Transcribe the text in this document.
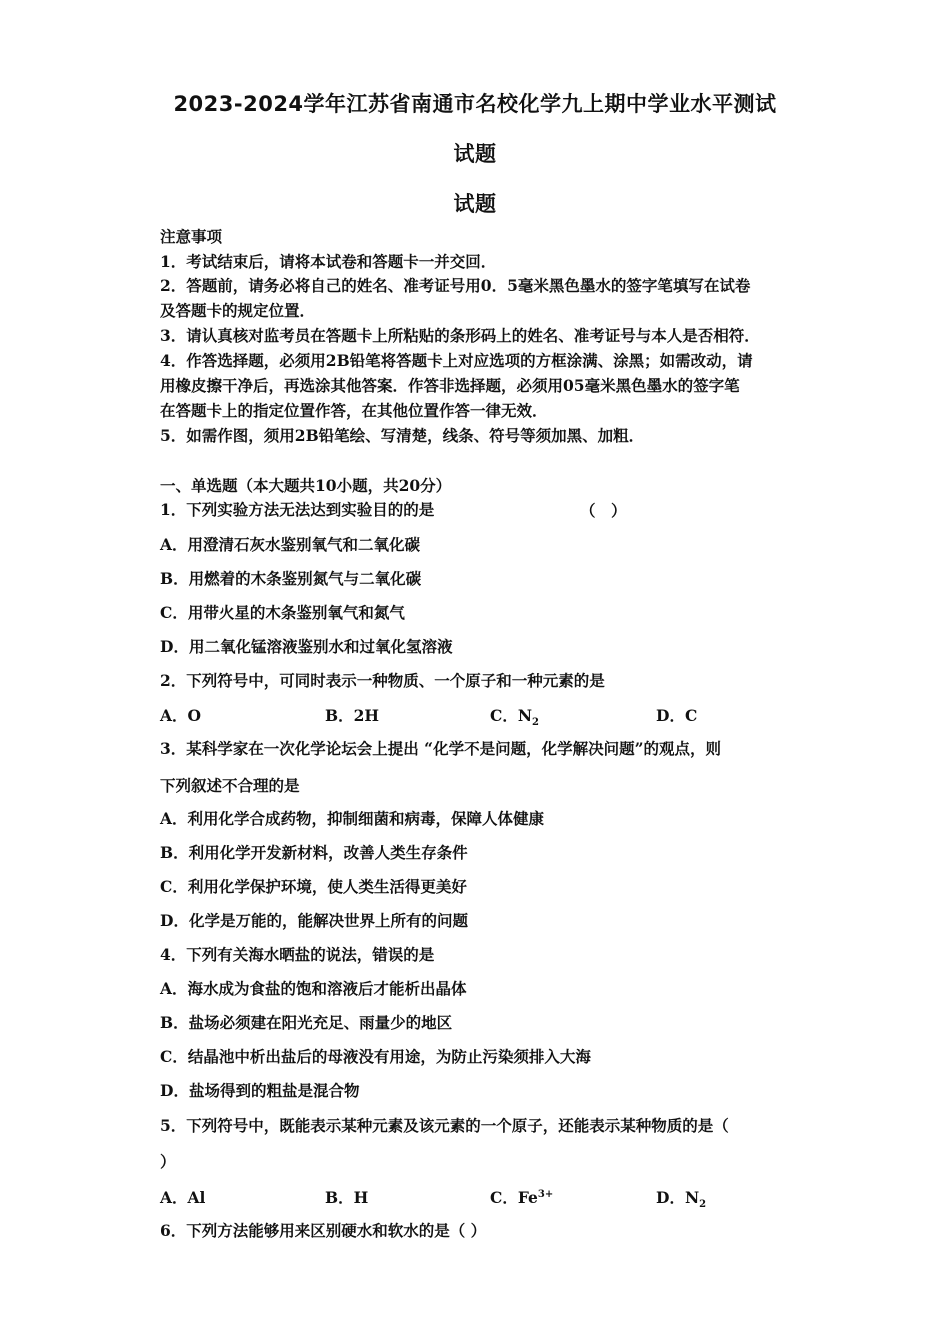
2023-2024学年江苏省南通市名校化学九上期中学业水平测试
试题
试题
注意事项
1．考试结束后，请将本试卷和答题卡一并交回．
2．答题前，请务必将自己的姓名、准考证号用0．5毫米黑色墨水的签字笔填写在试卷
及答题卡的规定位置．
3．请认真核对监考员在答题卡上所粘贴的条形码上的姓名、准考证号与本人是否相符．
4．作答选择题，必须用2B铅笔将答题卡上对应选项的方框涂满、涂黑；如需改动，请
用橡皮擦干净后，再选涂其他答案．作答非选择题，必须用05毫米黑色墨水的签字笔
在答题卡上的指定位置作答，在其他位置作答一律无效．
5．如需作图，须用2B铅笔绘、写清楚，线条、符号等须加黑、加粗．
一、单选题（本大题共10小题，共20分）
1．下列实验方法无法达到实验目的的是	（　）
A．用澄清石灰水鉴别氧气和二氧化碳
B．用燃着的木条鉴别氮气与二氧化碳
C．用带火星的木条鉴别氧气和氮气
D．用二氧化锰溶液鉴别水和过氧化氢溶液
2．下列符号中，可同时表示一种物质、一个原子和一种元素的是
A．O	B．2H	C．$N_2$	D．C
3．某科学家在一次化学论坛会上提出 “化学不是问题，化学解决问题”的观点，则
下列叙述不合理的是
A．利用化学合成药物，抑制细菌和病毒，保障人体健康
B．利用化学开发新材料，改善人类生存条件
C．利用化学保护环境，使人类生活得更美好
D．化学是万能的，能解决世界上所有的问题
4．下列有关海水晒盐的说法，错误的是
A．海水成为食盐的饱和溶液后才能析出晶体
B．盐场必须建在阳光充足、雨量少的地区
C．结晶池中析出盐后的母液没有用途，为防止污染须排入大海
D．盐场得到的粗盐是混合物
5．下列符号中，既能表示某种元素及该元素的一个原子，还能表示某种物质的是（
）
A．Al	B．H	C．$Fe^{3+}$	D．$N_2$
6．下列方法能够用来区别硬水和软水的是（ ）
